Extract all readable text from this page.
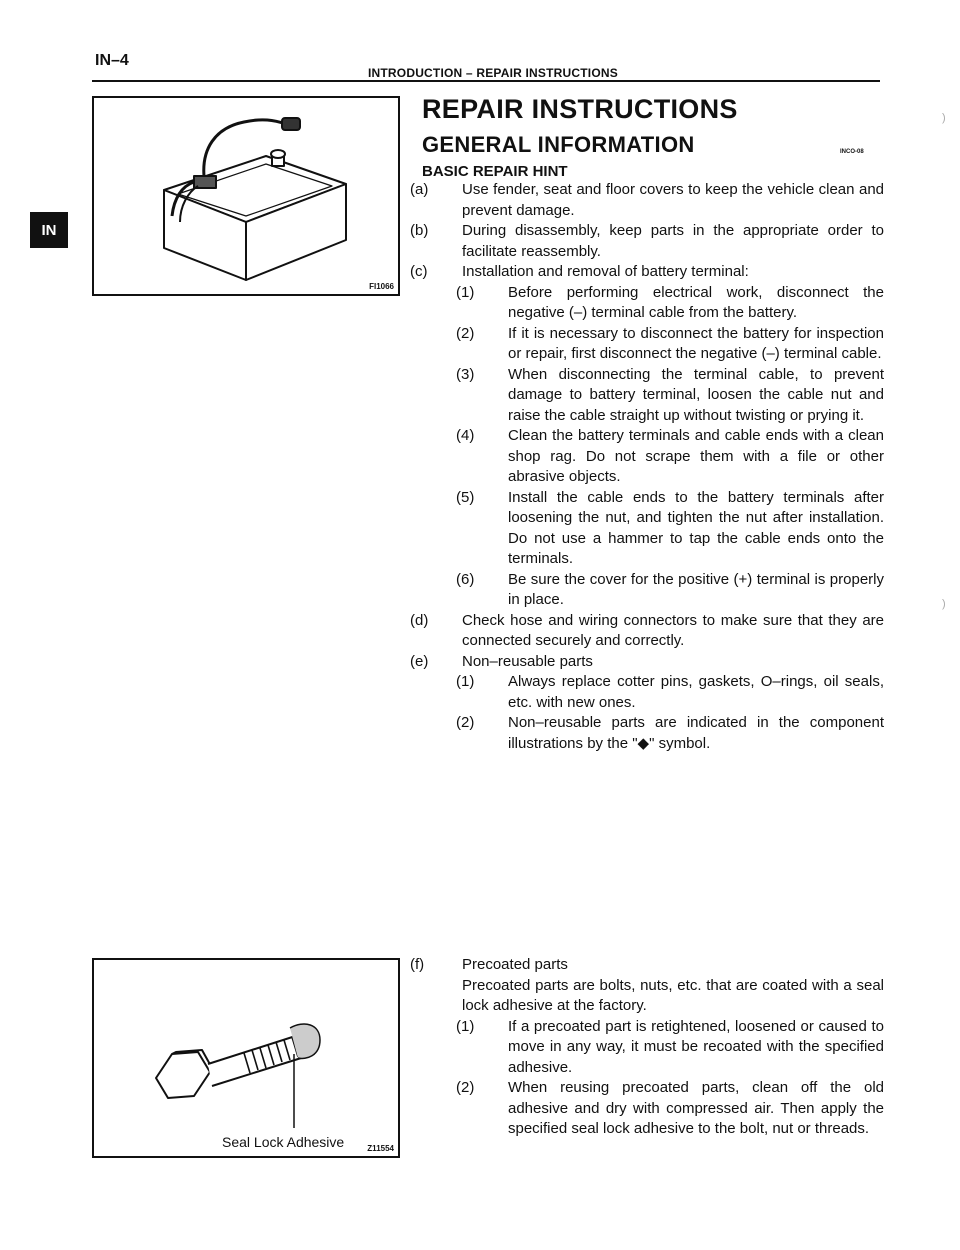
IN–4
INTRODUCTION – REPAIR INSTRUCTIONS
IN
)
)
FI1066
Seal Lock Adhesive	Z11554
REPAIR INSTRUCTIONS
GENERAL INFORMATION	INCO-08
BASIC REPAIR HINT
(a)	Use fender, seat and floor covers to keep the vehicle clean and prevent damage.
(b)	During disassembly, keep parts in the appropriate order to facilitate reassembly.
(c)	Installation and removal of battery terminal:
(1)	Before performing electrical work, disconnect the negative (–) terminal cable from the battery.
(2)	If it is necessary to disconnect the battery for inspection or repair, first disconnect the negative (–) terminal cable.
(3)	When disconnecting the terminal cable, to prevent damage to battery terminal, loosen the cable nut and raise the cable straight up without twisting or prying it.
(4)	Clean the battery terminals and cable ends with a clean shop rag. Do not scrape them with a file or other abrasive objects.
(5)	Install the cable ends to the battery terminals after loosening the nut, and tighten the nut after installation. Do not use a hammer to tap the cable ends onto the terminals.
(6)	Be sure the cover for the positive (+) terminal is properly in place.
(d)	Check hose and wiring connectors to make sure that they are connected securely and correctly.
(e)	Non–reusable parts
(1)	Always replace cotter pins, gaskets, O–rings, oil seals, etc. with new ones.
(2)	Non–reusable parts are indicated in the component illustrations by the "◆" symbol.
(f)	Precoated parts
Precoated parts are bolts, nuts, etc. that are coated with a seal lock adhesive at the factory.
(1)	If a precoated part is retightened, loosened or caused to move in any way, it must be recoated with the specified adhesive.
(2)	When reusing precoated parts, clean off the old adhesive and dry with compressed air. Then apply the specified seal lock adhesive to the bolt, nut or threads.
